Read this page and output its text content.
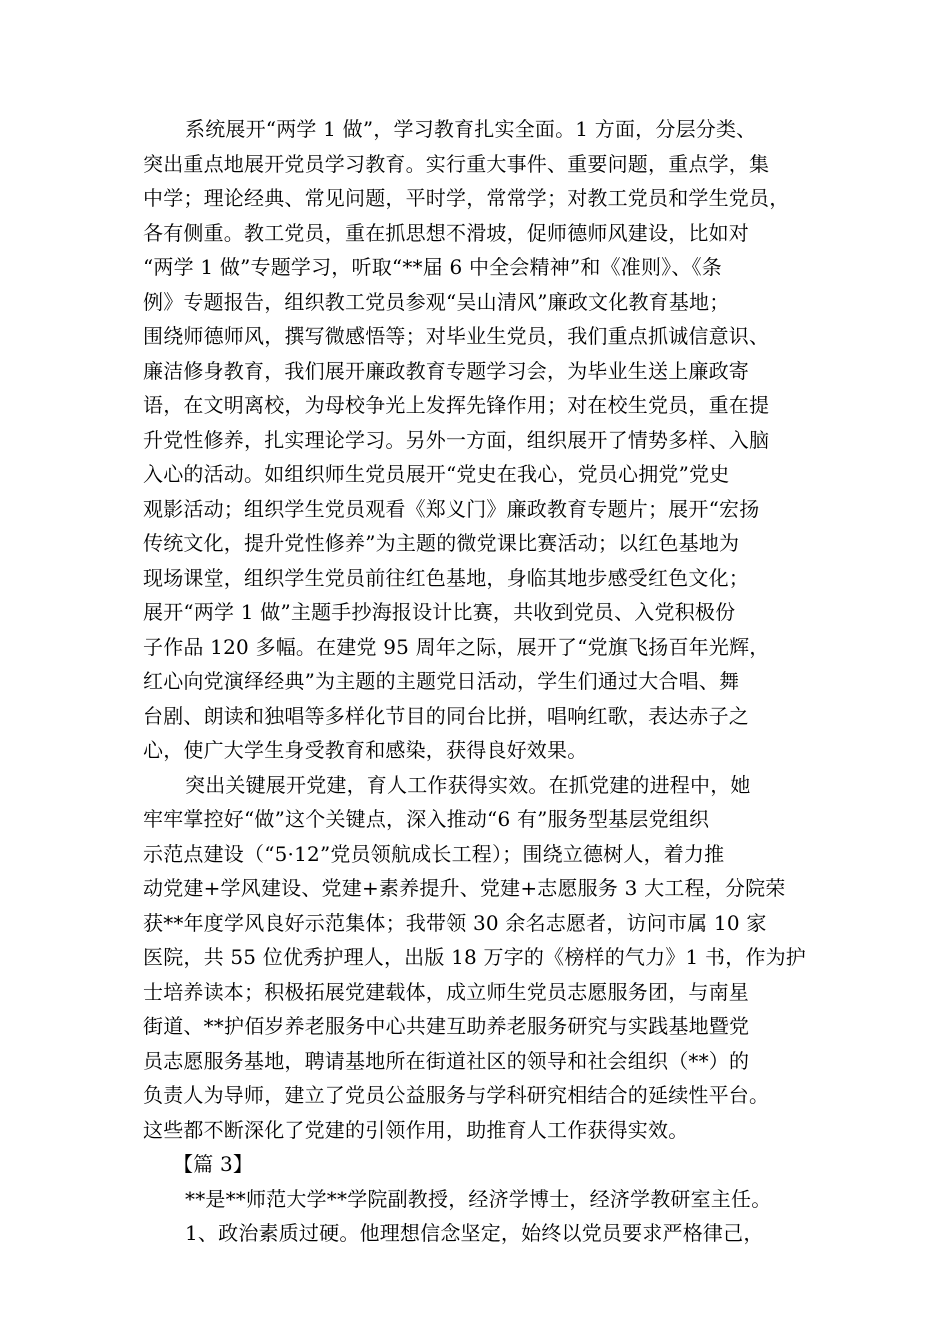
系统展开“两学 1 做”，学习教育扎实全面。1 方面，分层分类、
突出重点地展开党员学习教育。实行重大事件、重要问题，重点学，集
中学；理论经典、常见问题，平时学，常常学；对教工党员和学生党员，
各有侧重。教工党员，重在抓思想不滑坡，促师德师风建设，比如对
“两学 1 做”专题学习，听取“**届 6 中全会精神”和《准则》、《条
例》专题报告，组织教工党员参观“吴山清风”廉政文化教育基地；
围绕师德师风，撰写微感悟等；对毕业生党员，我们重点抓诚信意识、
廉洁修身教育，我们展开廉政教育专题学习会，为毕业生送上廉政寄
语，在文明离校，为母校争光上发挥先锋作用；对在校生党员，重在提
升党性修养，扎实理论学习。另外一方面，组织展开了情势多样、入脑
入心的活动。如组织师生党员展开“党史在我心，党员心拥党”党史
观影活动；组织学生党员观看《郑义门》廉政教育专题片；展开“宏扬
传统文化，提升党性修养”为主题的微党课比赛活动；以红色基地为
现场课堂，组织学生党员前往红色基地，身临其地步感受红色文化；
展开“两学 1 做”主题手抄海报设计比赛，共收到党员、入党积极份
子作品 120 多幅。在建党 95 周年之际，展开了“党旗飞扬百年光辉，
红心向党演绎经典”为主题的主题党日活动，学生们通过大合唱、舞
台剧、朗读和独唱等多样化节目的同台比拼，唱响红歌，表达赤子之
心，使广大学生身受教育和感染，获得良好效果。
突出关键展开党建，育人工作获得实效。在抓党建的进程中，她
牢牢掌控好“做”这个关键点，深入推动“6 有”服务型基层党组织
示范点建设（“5·12”党员领航成长工程）；围绕立德树人，着力推
动党建+学风建设、党建+素养提升、党建+志愿服务 3 大工程，分院荣
获**年度学风良好示范集体；我带领 30 余名志愿者，访问市属 10 家
医院，共 55 位优秀护理人，出版 18 万字的《榜样的气力》1 书，作为护
士培养读本；积极拓展党建载体，成立师生党员志愿服务团，与南星
街道、**护佰岁养老服务中心共建互助养老服务研究与实践基地暨党
员志愿服务基地，聘请基地所在街道社区的领导和社会组织（**）的
负责人为导师，建立了党员公益服务与学科研究相结合的延续性平台。
这些都不断深化了党建的引领作用，助推育人工作获得实效。
【篇 3】
**是**师范大学**学院副教授，经济学博士，经济学教研室主任。
1、政治素质过硬。他理想信念坚定，始终以党员要求严格律己，
